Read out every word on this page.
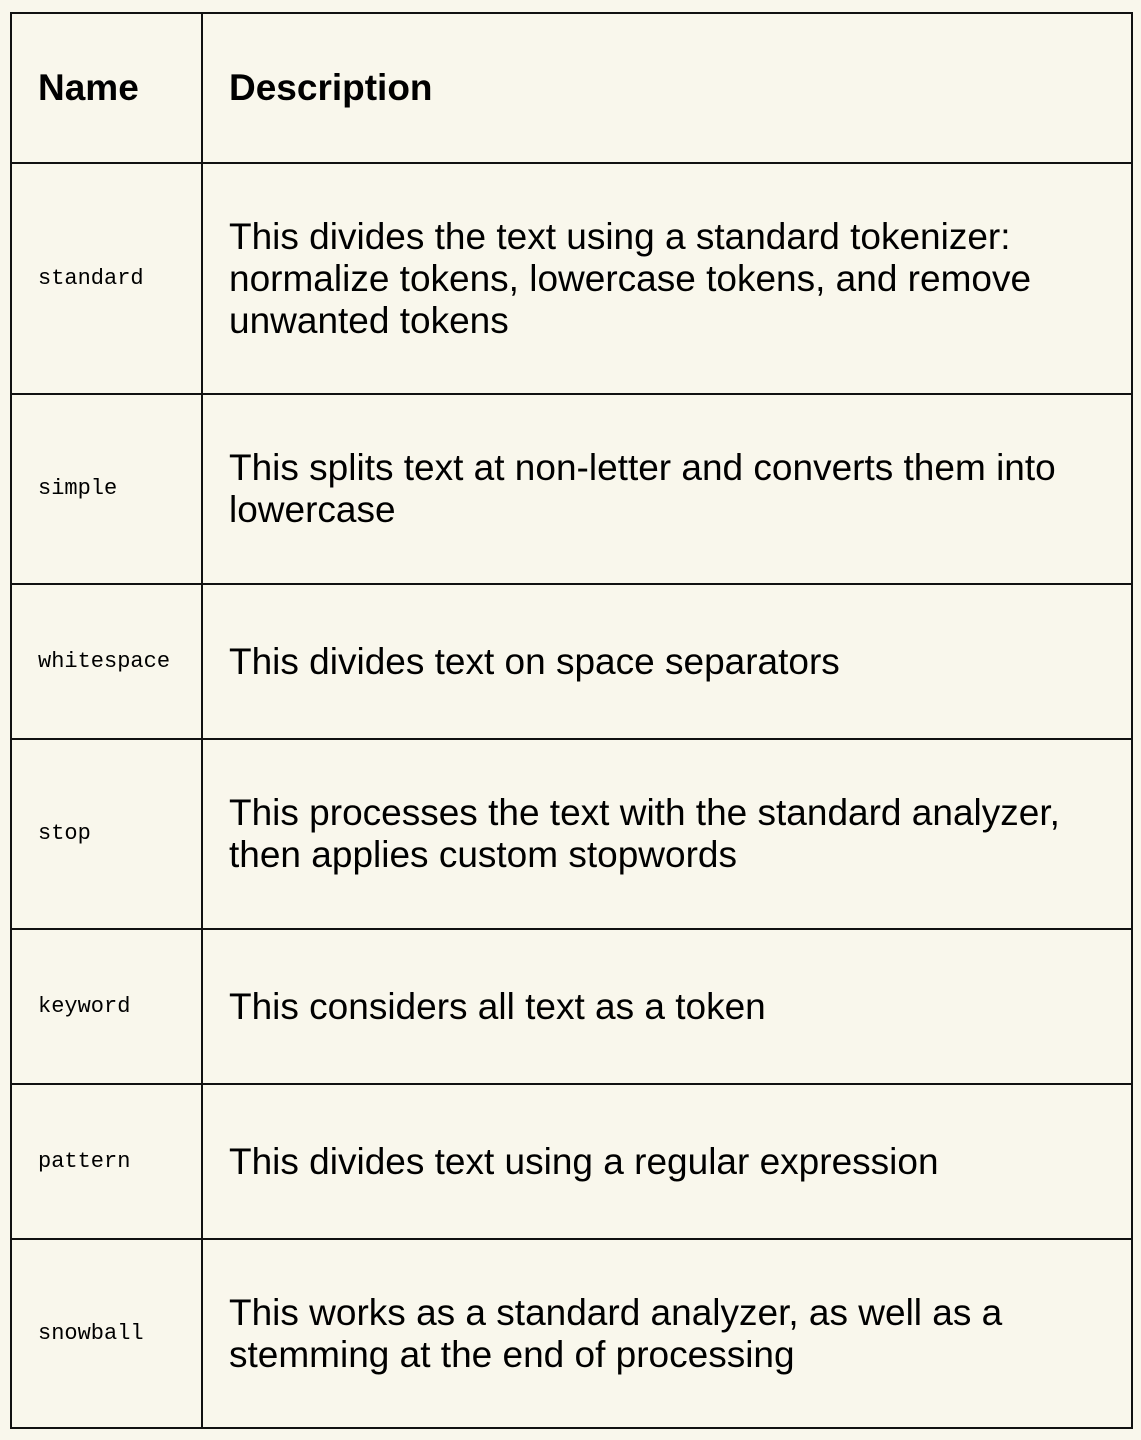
Name	Description
standard	This divides the text using a standard tokenizer: normalize tokens, lowercase tokens, and remove unwanted tokens
simple	This splits text at non-letter and converts them into lowercase
whitespace	This divides text on space separators
stop	This processes the text with the standard analyzer, then applies custom stopwords
keyword	This considers all text as a token
pattern	This divides text using a regular expression
snowball	This works as a standard analyzer, as well as a stemming at the end of processing
